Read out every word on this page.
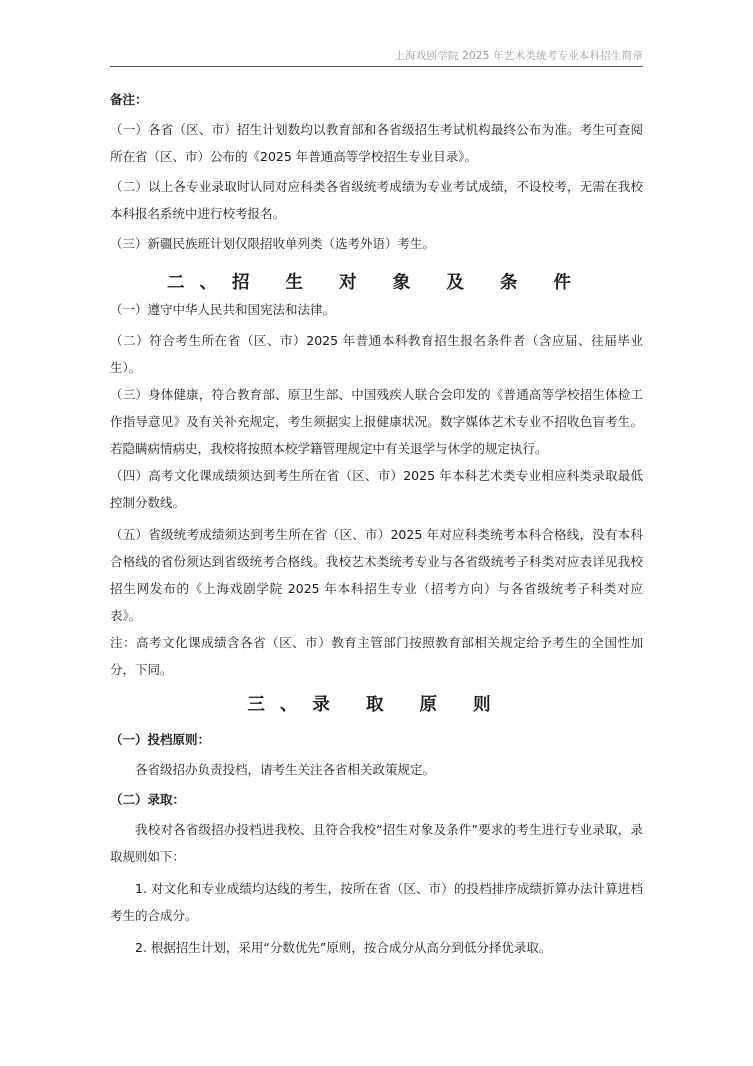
上海戏剧学院 2025 年艺术类统考专业本科招生简章

备注：

（一）各省（区、市）招生计划数均以教育部和各省级招生考试机构最终公布为准。考生可查阅所在省（区、市）公布的《2025 年普通高等学校招生专业目录》。

（二）以上各专业录取时认同对应科类各省级统考成绩为专业考试成绩，不设校考，无需在我校本科报名系统中进行校考报名。

（三）新疆民族班计划仅限招收单列类（选考外语）考生。

二、招 生 对 象 及 条 件

（一）遵守中华人民共和国宪法和法律。

（二）符合考生所在省（区、市）2025 年普通本科教育招生报名条件者（含应届、往届毕业生）。

（三）身体健康，符合教育部、原卫生部、中国残疾人联合会印发的《普通高等学校招生体检工作指导意见》及有关补充规定，考生须据实上报健康状况。数字媒体艺术专业不招收色盲考生。若隐瞒病情病史，我校将按照本校学籍管理规定中有关退学与休学的规定执行。

（四）高考文化课成绩须达到考生所在省（区、市）2025 年本科艺术类专业相应科类录取最低控制分数线。

（五）省级统考成绩须达到考生所在省（区、市）2025 年对应科类统考本科合格线，没有本科合格线的省份须达到省级统考合格线。我校艺术类统考专业与各省级统考子科类对应表详见我校招生网发布的《上海戏剧学院 2025 年本科招生专业（招考方向）与各省级统考子科类对应表》。

注：高考文化课成绩含各省（区、市）教育主管部门按照教育部相关规定给予考生的全国性加分，下同。

三、录 取 原 则

（一）投档原则：

各省级招办负责投档，请考生关注各省相关政策规定。

（二）录取：

我校对各省级招办投档进我校、且符合我校“招生对象及条件”要求的考生进行专业录取，录取规则如下：

1. 对文化和专业成绩均达线的考生，按所在省（区、市）的投档排序成绩折算办法计算进档考生的合成分。

2. 根据招生计划，采用“分数优先”原则，按合成分从高分到低分择优录取。
